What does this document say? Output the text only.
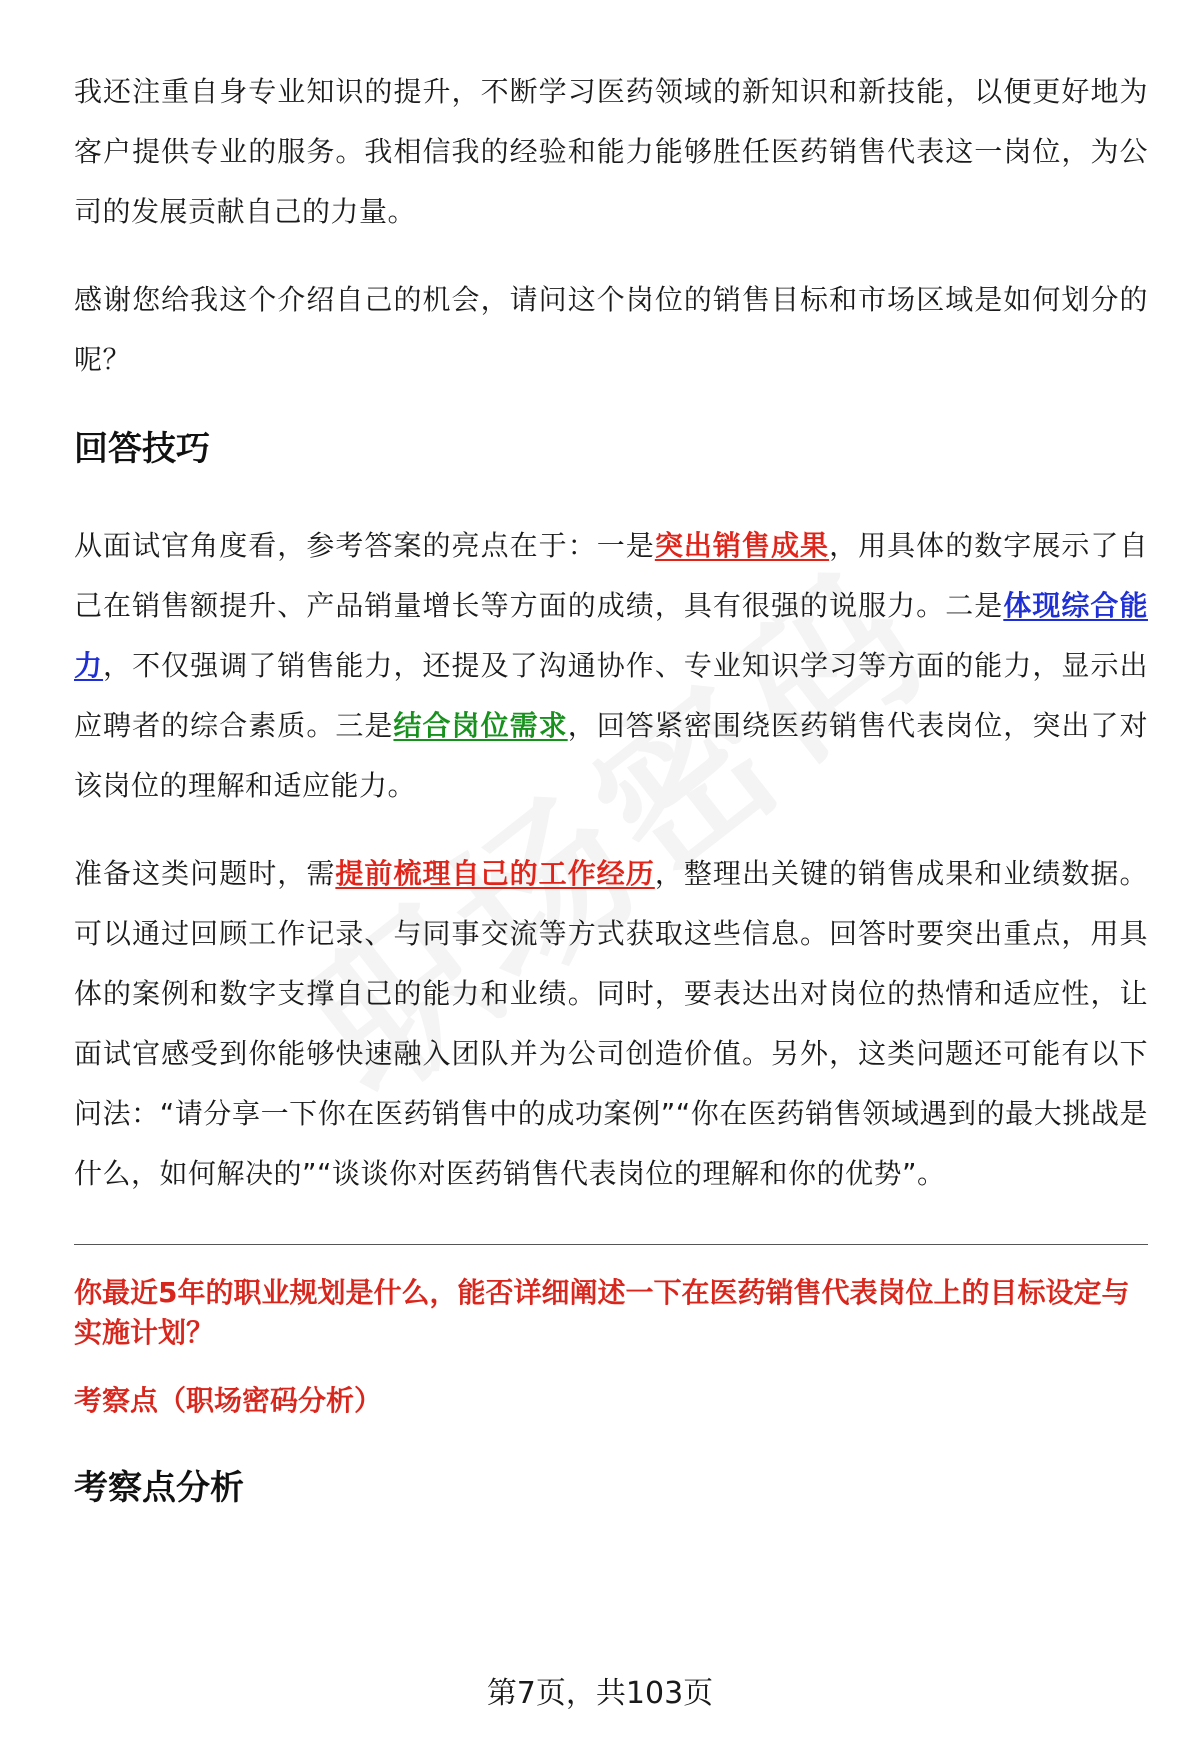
我还注重自身专业知识的提升，不断学习医药领域的新知识和新技能，以便更好地为客户提供专业的服务。我相信我的经验和能力能够胜任医药销售代表这一岗位，为公司的发展贡献自己的力量。

感谢您给我这个介绍自己的机会，请问这个岗位的销售目标和市场区域是如何划分的呢？

回答技巧

从面试官角度看，参考答案的亮点在于：一是突出销售成果，用具体的数字展示了自己在销售额提升、产品销量增长等方面的成绩，具有很强的说服力。二是体现综合能力，不仅强调了销售能力，还提及了沟通协作、专业知识学习等方面的能力，显示出应聘者的综合素质。三是结合岗位需求，回答紧密围绕医药销售代表岗位，突出了对该岗位的理解和适应能力。

准备这类问题时，需提前梳理自己的工作经历，整理出关键的销售成果和业绩数据。可以通过回顾工作记录、与同事交流等方式获取这些信息。回答时要突出重点，用具体的案例和数字支撑自己的能力和业绩。同时，要表达出对岗位的热情和适应性，让面试官感受到你能够快速融入团队并为公司创造价值。另外，这类问题还可能有以下问法：“请分享一下你在医药销售中的成功案例”“你在医药销售领域遇到的最大挑战是什么，如何解决的”“谈谈你对医药销售代表岗位的理解和你的优势”。

你最近5年的职业规划是什么，能否详细阐述一下在医药销售代表岗位上的目标设定与实施计划？

考察点（职场密码分析）

考察点分析
第7页，共103页
